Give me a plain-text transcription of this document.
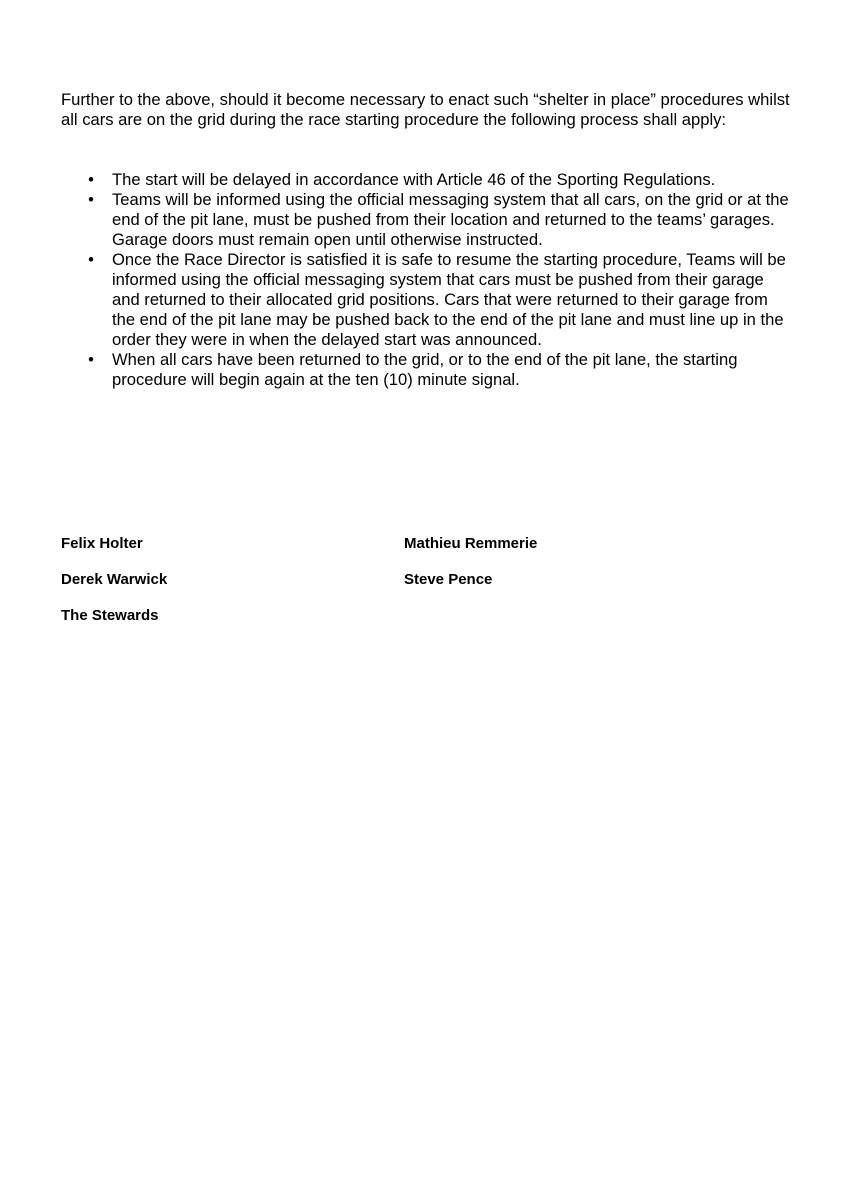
Further to the above, should it become necessary to enact such “shelter in place” procedures whilst all cars are on the grid during the race starting procedure the following process shall apply:

• The start will be delayed in accordance with Article 46 of the Sporting Regulations.
• Teams will be informed using the official messaging system that all cars, on the grid or at the end of the pit lane, must be pushed from their location and returned to the teams’ garages. Garage doors must remain open until otherwise instructed.
• Once the Race Director is satisfied it is safe to resume the starting procedure, Teams will be informed using the official messaging system that cars must be pushed from their garage and returned to their allocated grid positions. Cars that were returned to their garage from the end of the pit lane may be pushed back to the end of the pit lane and must line up in the order they were in when the delayed start was announced.
• When all cars have been returned to the grid, or to the end of the pit lane, the starting procedure will begin again at the ten (10) minute signal.
Felix Holter	Mathieu Remmerie
Derek Warwick	Steve Pence
The Stewards
